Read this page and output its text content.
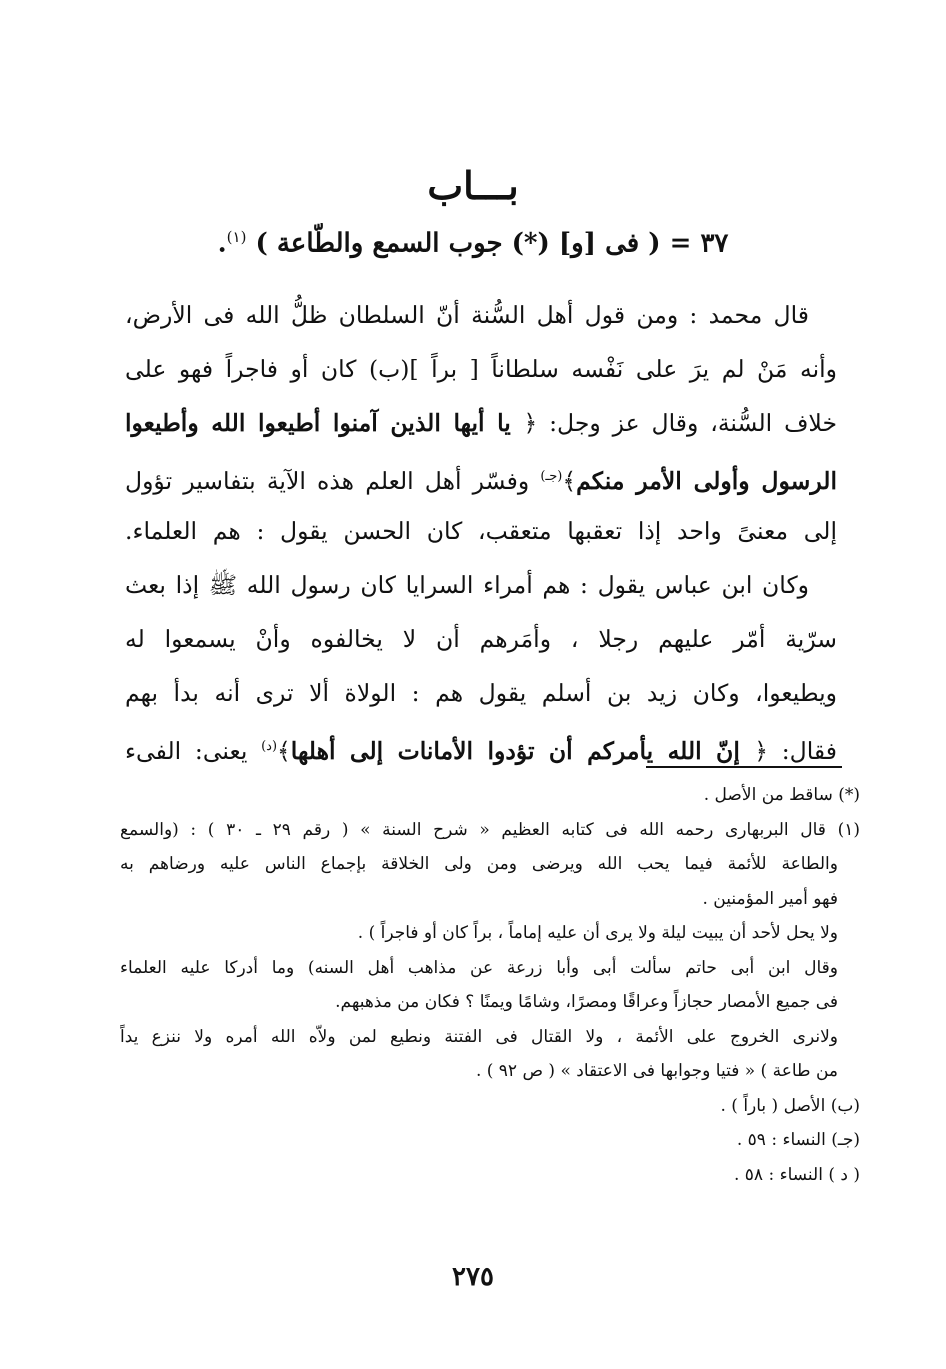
بـــاب
٣٧ = ( فى [و] (*) جوب السمع والطّاعة ) $^{(١)}$.
قال محمد : ومن قول أهل السُّنة أنّ السلطان ظلُّ الله فى الأرض،
وأنه مَنْ لم يرَ على نَفْسه سلطاناً [ براً ](ب) كان أو فاجراً فهو على
خلاف السُّنة، وقال عز وجل: ﴿ يا أيها الذين آمنوا أطيعوا الله وأطيعوا
الرسول وأولى الأمر منكم﴾$^{(جـ)}$ وفسّر أهل العلم هذه الآية بتفاسير تؤول
إلى معنىً واحد إذا تعقبها متعقب، كان الحسن يقول : هم العلماء.
وكان ابن عباس يقول : هم أمراء السرايا كان رسول الله ﷺ إذا بعث
سرّية أمّر عليهم رجلا ، وأمَرهم أن لا يخالفوه وأنْ يسمعوا له
ويطيعوا، وكان زيد بن أسلم يقول هم : الولاة ألا ترى أنه بدأ بهم
فقال: ﴿ إنّ الله يأمركم أن تؤدوا الأمانات إلى أهلها﴾$^{(د)}$ يعنى: الفىء
(*) ساقط من الأصل .
(١) قال البربهارى رحمه الله فى كتابه العظيم « شرح السنة » ( رقم ٢٩ ـ ٣٠ ) : (والسمع
والطاعة للأئمة فيما يحب الله ويرضى ومن ولى الخلاقة بإجماع الناس عليه ورضاهم به
فهو أمير المؤمنين .
ولا يحل لأحد أن يبيت ليلة ولا يرى أن عليه إماماً ، براً كان أو فاجراً ) .
وقال ابن أبى حاتم سألت أبى وأبا زرعة عن مذاهب أهل السنه) وما أدركا عليه العلماء
فى جميع الأمصار حجازاً وعراقًا ومصرًا، وشامًا ويمنًا ؟ فكان من مذهبهم.
ولانرى الخروج على الأئمة ، ولا القتال فى الفتنة ونطيع لمن ولاّه الله أمره ولا ننزع يداً
من طاعة ) « فتيا وجوابها فى الاعتقاد » ( ص ٩٢ ) .
(ب) الأصل ( باراً ) .
(جـ) النساء : ٥٩ .
( د ) النساء : ٥٨ .
٢٧٥
